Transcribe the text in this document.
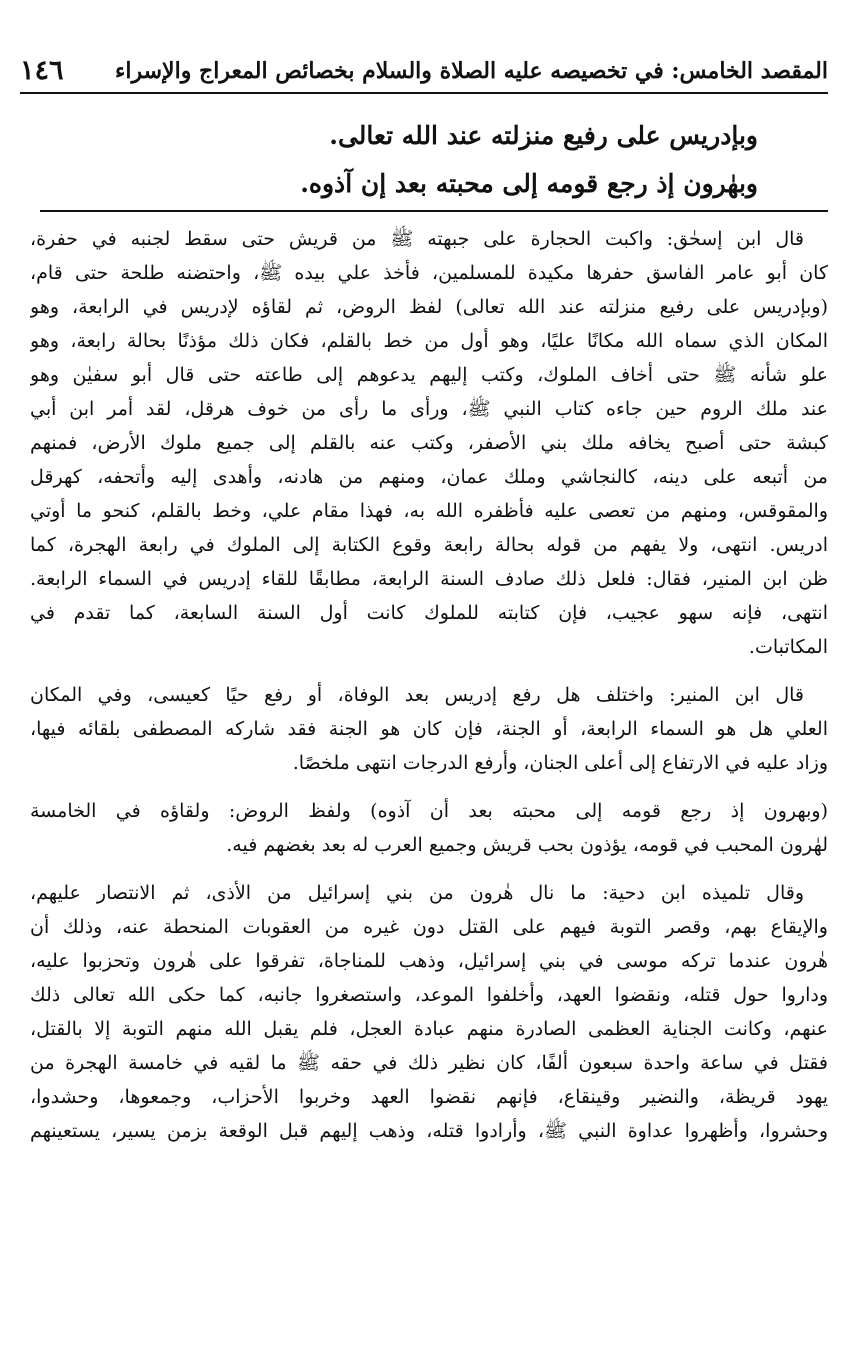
المقصد الخامس: في تخصيصه عليه الصلاة والسلام بخصائص المعراج والإسراء
١٤٦
وبإدريس على رفيع منزلته عند الله تعالى.
وبهٰرون إذ رجع قومه إلى محبته بعد إن آذوه.
قال ابن إسحٰق: واكبت الحجارة على جبهته ﷺ من قريش حتى سقط لجنبه في حفرة،
كان أبو عامر الفاسق حفرها مكيدة للمسلمين، فأخذ علي بيده ﷺ، واحتضنه طلحة حتى قام،
(وبإدريس على رفيع منزلته عند الله تعالى) لفظ الروض، ثم لقاؤه لإدريس في الرابعة، وهو
المكان الذي سماه الله مكانًا عليًا، وهو أول من خط بالقلم، فكان ذلك مؤذنًا بحالة رابعة، وهو
علو شأنه ﷺ حتى أخاف الملوك، وكتب إليهم يدعوهم إلى طاعته حتى قال أبو سفيٰن وهو
عند ملك الروم حين جاءه كتاب النبي ﷺ، ورأى ما رأى من خوف هرقل، لقد أمر ابن أبي
كبشة حتى أصبح يخافه ملك بني الأصفر، وكتب عنه بالقلم إلى جميع ملوك الأرض، فمنهم
من أتبعه على دينه، كالنجاشي وملك عمان، ومنهم من هادنه، وأهدى إليه وأتحفه، كهرقل
والمقوقس، ومنهم من تعصى عليه فأظفره الله به، فهذا مقام علي، وخط بالقلم، كنحو ما أوتي
ادريس. انتهى، ولا يفهم من قوله بحالة رابعة وقوع الكتابة إلى الملوك في رابعة الهجرة، كما
ظن ابن المنير، فقال: فلعل ذلك صادف السنة الرابعة، مطابقًا للقاء إدريس في السماء الرابعة.
انتهى، فإنه سهو عجيب، فإن كتابته للملوك كانت أول السنة السابعة، كما تقدم في
المكاتبات.
قال ابن المنير: واختلف هل رفع إدريس بعد الوفاة، أو رفع حيًا كعيسى، وفي المكان
العلي هل هو السماء الرابعة، أو الجنة، فإن كان هو الجنة فقد شاركه المصطفى بلقائه فيها،
وزاد عليه في الارتفاع إلى أعلى الجنان، وأرفع الدرجات انتهى ملخصًا.
(وبهرون إذ رجع قومه إلى محبته بعد أن آذوه) ولفظ الروض: ولقاؤه في الخامسة
لهٰرون المحبب في قومه، يؤذون بحب قريش وجميع العرب له بعد بغضهم فيه.
وقال تلميذه ابن دحية: ما نال هٰرون من بني إسرائيل من الأذى، ثم الانتصار عليهم،
والإيقاع بهم، وقصر التوبة فيهم على القتل دون غيره من العقوبات المنحطة عنه، وذلك أن
هٰرون عندما تركه موسى في بني إسرائيل، وذهب للمناجاة، تفرقوا على هٰرون وتحزبوا عليه،
وداروا حول قتله، ونقضوا العهد، وأخلفوا الموعد، واستصغروا جانبه، كما حكى الله تعالى ذلك
عنهم، وكانت الجناية العظمى الصادرة منهم عبادة العجل، فلم يقبل الله منهم التوبة إلا بالقتل،
فقتل في ساعة واحدة سبعون ألفًا، كان نظير ذلك في حقه ﷺ ما لقيه في خامسة الهجرة من
يهود قريظة، والنضير وقينقاع، فإنهم نقضوا العهد وخربوا الأحزاب، وجمعوها، وحشدوا،
وحشروا، وأظهروا عداوة النبي ﷺ، وأرادوا قتله، وذهب إليهم قبل الوقعة بزمن يسير، يستعينهم
